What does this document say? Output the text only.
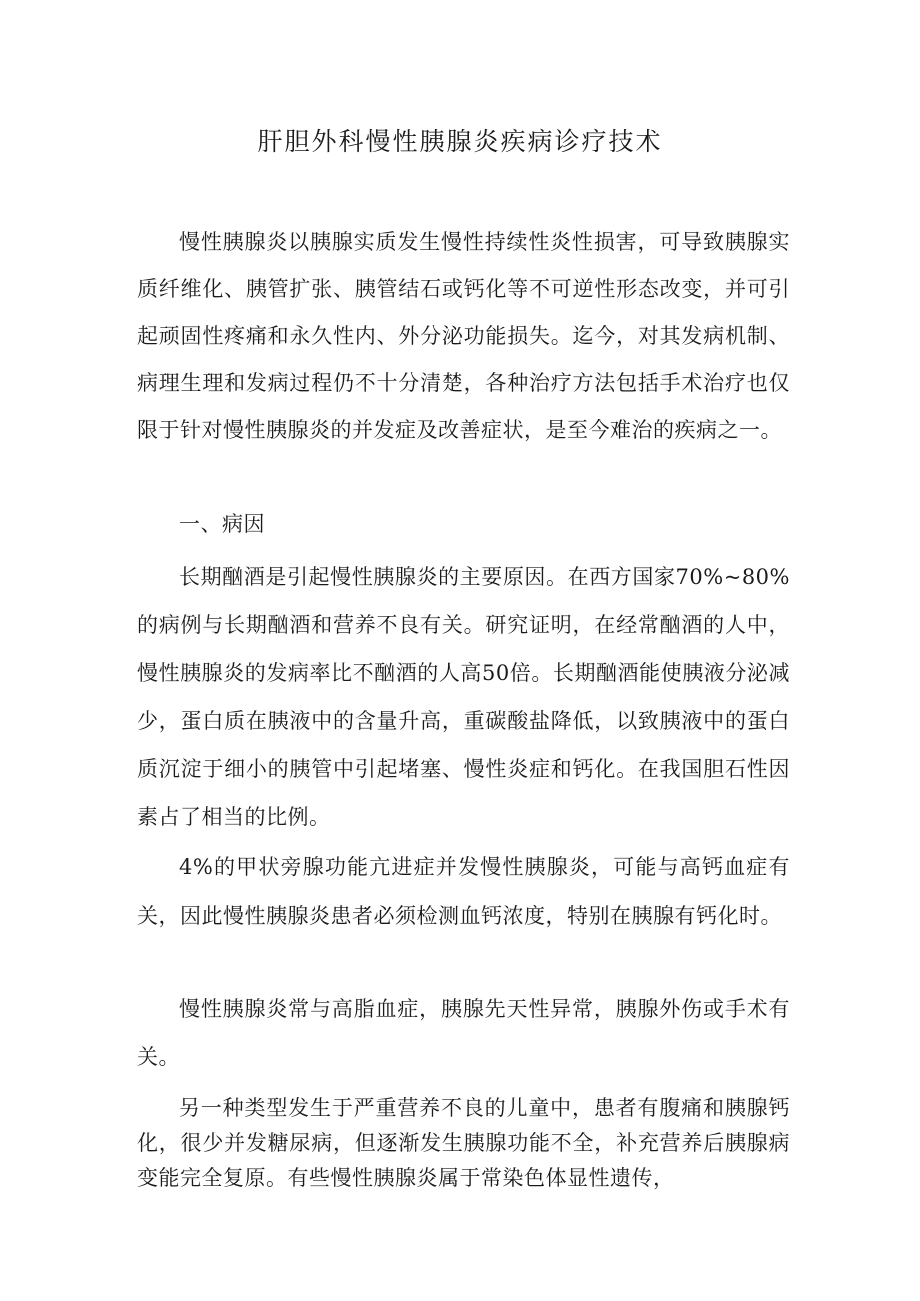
肝胆外科慢性胰腺炎疾病诊疗技术

慢性胰腺炎以胰腺实质发生慢性持续性炎性损害，可导致胰腺实质纤维化、胰管扩张、胰管结石或钙化等不可逆性形态改变，并可引起顽固性疼痛和永久性内、外分泌功能损失。迄今，对其发病机制、病理生理和发病过程仍不十分清楚，各种治疗方法包括手术治疗也仅限于针对慢性胰腺炎的并发症及改善症状，是至今难治的疾病之一。

一、病因

长期酗酒是引起慢性胰腺炎的主要原因。在西方国家70%~80%的病例与长期酗酒和营养不良有关。研究证明，在经常酗酒的人中，慢性胰腺炎的发病率比不酗酒的人高50倍。长期酗酒能使胰液分泌减少，蛋白质在胰液中的含量升高，重碳酸盐降低，以致胰液中的蛋白质沉淀于细小的胰管中引起堵塞、慢性炎症和钙化。在我国胆石性因素占了相当的比例。

4%的甲状旁腺功能亢进症并发慢性胰腺炎，可能与高钙血症有关，因此慢性胰腺炎患者必须检测血钙浓度，特别在胰腺有钙化时。

慢性胰腺炎常与高脂血症，胰腺先天性异常，胰腺外伤或手术有关。

另一种类型发生于严重营养不良的儿童中，患者有腹痛和胰腺钙化，很少并发糖尿病，但逐渐发生胰腺功能不全，补充营养后胰腺病变能完全复原。有些慢性胰腺炎属于常染色体显性遗传，
